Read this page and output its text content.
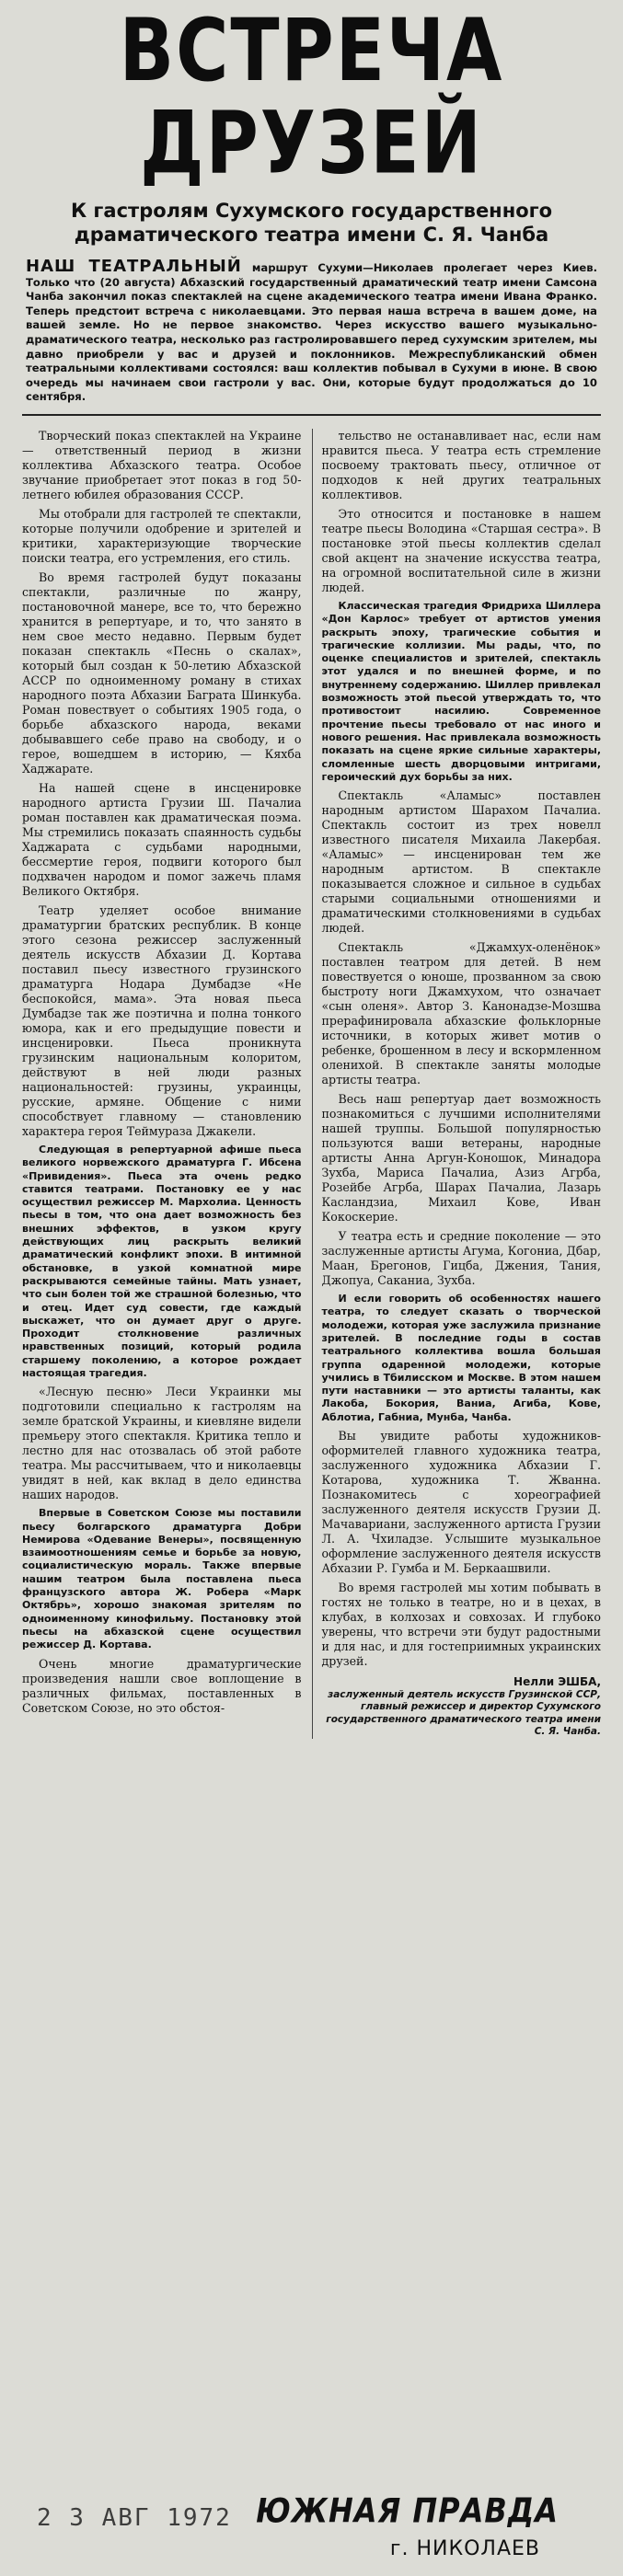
ВСТРЕЧА ДРУЗЕЙ
К гастролям Сухумского государственного драматического театра имени С. Я. Чанба
НАШ ТЕАТРАЛЬНЫЙ маршрут Сухуми—Николаев пролегает через Киев. Только что (20 августа) Абхазский государственный драматический театр имени Самсона Чанба закончил показ спектаклей на сцене академического театра имени Ивана Франко. Теперь предстоит встреча с николаевцами. Это первая наша встреча в вашем доме, на вашей земле. Но не первое знакомство. Через искусство вашего музыкально-драматического театра, несколько раз гастролировавшего перед сухумским зрителем, мы давно приобрели у вас и друзей и поклонников. Межреспубликанский обмен театральными коллективами состоялся: ваш коллектив побывал в Сухуми в июне. В свою очередь мы начинаем свои гастроли у вас. Они, которые будут продолжаться до 10 сентября.

Творческий показ спектаклей на Украине — ответственный период в жизни коллектива Абхазского театра. Особое звучание приобретает этот показ в год 50-летнего юбилея образования СССР.

Мы отобрали для гастролей те спектакли, которые получили одобрение и зрителей и критики, характеризующие творческие поиски театра, его устремления, его стиль.

Во время гастролей будут показаны спектакли, различные по жанру, постановочной манере, все то, что бережно хранится в репертуаре, и то, что занято в нем свое место недавно. Первым будет показан спектакль «Песнь о скалах», который был создан к 50-летию Абхазской АССР по одноименному роману в стихах народного поэта Абхазии Баграта Шинкуба. Роман повествует о событиях 1905 года, о борьбе абхазского народа, веками добывавшего себе право на свободу, и о герое, вошедшем в историю, — Кяхба Хаджарате.

На нашей сцене в инсценировке народного артиста Грузии Ш. Пачалиа роман поставлен как драматическая поэма. Мы стремились показать спаянность судьбы Хаджарата с судьбами народными, бессмертие героя, подвиги которого был подхвачен народом и помог зажечь пламя Великого Октября.

Театр уделяет особое внимание драматургии братских республик. В конце этого сезона режиссер заслуженный деятель искусств Абхазии Д. Кортава поставил пьесу известного грузинского драматурга Нодара Думбадзе «Не беспокойся, мама». Эта новая пьеса Думбадзе так же поэтична и полна тонкого юмора, как и его предыдущие повести и инсценировки. Пьеса проникнута грузинским национальным колоритом, действуют в ней люди разных национальностей: грузины, украинцы, русские, армяне. Общение с ними способствует главному — становлению характера героя Теймураза Джакели.

Следующая в репертуарной афише пьеса великого норвежского драматурга Г. Ибсена «Привидения». Пьеса эта очень редко ставится театрами. Постановку ее у нас осуществил режиссер М. Мархолиа. Ценность пьесы в том, что она дает возможность без внешних эффектов, в узком кругу действующих лиц раскрыть великий драматический конфликт эпохи. В интимной обстановке, в узкой комнатной мире раскрываются семейные тайны. Мать узнает, что сын болен той же страшной болезнью, что и отец. Идет суд совести, где каждый выскажет, что он думает друг о друге. Проходит столкновение различных нравственных позиций, который родила старшему поколению, а которое рождает настоящая трагедия.

«Лесную песню» Леси Украинки мы подготовили специально к гастролям на земле братской Украины, и киевляне видели премьеру этого спектакля. Критика тепло и лестно для нас отозвалась об этой работе театра. Мы рассчитываем, что и николаевцы увидят в ней, как вклад в дело единства наших народов.

Впервые в Советском Союзе мы поставили пьесу болгарского драматурга Добри Немирова «Одевание Венеры», посвященную взаимоотношениям семье и борьбе за новую, социалистическую мораль. Также впервые нашим театром была поставлена пьеса французского автора Ж. Робера «Марк Октябрь», хорошо знакомая зрителям по одноименному кинофильму. Постановку этой пьесы на абхазской сцене осуществил режиссер Д. Кортава.

Очень многие драматургические произведения нашли свое воплощение в различных фильмах, поставленных в Советском Союзе, но это обстоя-

тельство не останавливает нас, если нам нравится пьеса. У театра есть стремление посвоему трактовать пьесу, отличное от подходов к ней других театральных коллективов.

Это относится и постановке в нашем театре пьесы Володина «Старшая сестра». В постановке этой пьесы коллектив сделал свой акцент на значение искусства театра, на огромной воспитательной силе в жизни людей.

Классическая трагедия Фридриха Шиллера «Дон Карлос» требует от артистов умения раскрыть эпоху, трагические события и трагические коллизии. Мы рады, что, по оценке специалистов и зрителей, спектакль этот удался и по внешней форме, и по внутреннему содержанию. Шиллер привлекал возможность этой пьесой утверждать то, что противостоит насилию. Современное прочтение пьесы требовало от нас иного и нового решения. Нас привлекала возможность показать на сцене яркие сильные характеры, сломленные шесть дворцовыми интригами, героический дух борьбы за них.

Спектакль «Аламыс» поставлен народным артистом Шарахом Пачалиа. Спектакль состоит из трех новелл известного писателя Михаила Лакербая. «Аламыс» — инсценирован тем же народным артистом. В спектакле показывается сложное и сильное в судьбах старыми социальными отношениями и драматическими столкновениями в судьбах людей.

Спектакль «Джамхух-оленёнок» поставлен театром для детей. В нем повествуется о юноше, прозванном за свою быстроту ноги Джамхухом, что означает «сын оленя». Автор З. Канонадзе-Мозшва прерафинировала абхазские фольклорные источники, в которых живет мотив о ребенке, брошенном в лесу и вскормленном оленихой. В спектакле заняты молодые артисты театра.

Весь наш репертуар дает возможность познакомиться с лучшими исполнителями нашей труппы. Большой популярностью пользуются ваши ветераны, народные артисты Анна Аргун-Коношок, Минадора Зухба, Мариса Пачалиа, Азиз Агрба, Розейбе Агрба, Шарах Пачалиа, Лазарь Касландзиа, Михаил Кове, Иван Кокоскерие.

У театра есть и средние поколение — это заслуженные артисты Агума, Когониа, Дбар, Маан, Брегонов, Гицба, Джения, Тания, Джопуа, Саканиа, Зухба.

И если говорить об особенностях нашего театра, то следует сказать о творческой молодежи, которая уже заслужила признание зрителей. В последние годы в состав театрального коллектива вошла большая группа одаренной молодежи, которые учились в Тбилисском и Москве. В этом нашем пути наставники — это артисты таланты, как Лакоба, Бокория, Ваниа, Агиба, Кове, Аблотиа, Габниа, Мунба, Чанба.

Вы увидите работы художников-оформителей главного художника театра, заслуженного художника Абхазии Г. Котарова, художника Т. Жванна. Познакомитесь с хореографией заслуженного деятеля искусств Грузии Д. Мачавариани, заслуженного артиста Грузии Л. А. Чхиладзе. Услышите музыкальное оформление заслуженного деятеля искусств Абхазии Р. Гумба и М. Беркаашвили.

Во время гастролей мы хотим побывать в гостях не только в театре, но и в цехах, в клубах, в колхозах и совхозах. И глубоко уверены, что встречи эти будут радостными и для нас, и для гостеприимных украинских друзей.

Нелли ЭШБА,
заслуженный деятель искусств Грузинской ССР, главный режиссер и директор Сухумского государственного драматического театра имени С. Я. Чанба.
2 3 АВГ 1972 ЮЖНАЯ ПРАВДА
г. НИКОЛАЕВ
